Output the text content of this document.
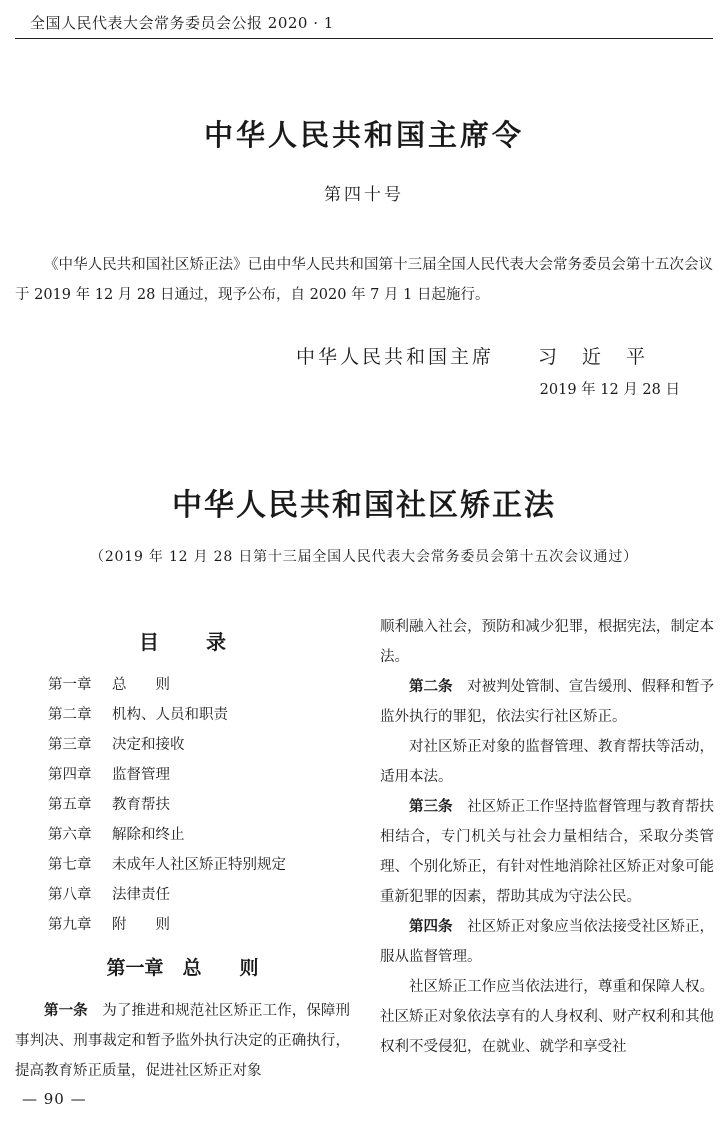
全国人民代表大会常务委员会公报 2020 · 1
中华人民共和国主席令
第四十号
《中华人民共和国社区矫正法》已由中华人民共和国第十三届全国人民代表大会常务委员会第十五次会议于 2019 年 12 月 28 日通过，现予公布，自 2020 年 7 月 1 日起施行。
中华人民共和国主席　　习　近　平
2019 年 12 月 28 日
中华人民共和国社区矫正法
（2019 年 12 月 28 日第十三届全国人民代表大会常务委员会第十五次会议通过）
目 录
第一章 总　　则
第二章 机构、人员和职责
第三章 决定和接收
第四章 监督管理
第五章 教育帮扶
第六章 解除和终止
第七章 未成年人社区矫正特别规定
第八章 法律责任
第九章 附　　则
第一章　总　　则

第一条　为了推进和规范社区矫正工作，保障刑事判决、刑事裁定和暂予监外执行决定的正确执行，提高教育矫正质量，促进社区矫正对象

顺利融入社会，预防和减少犯罪，根据宪法，制定本法。

第二条　对被判处管制、宣告缓刑、假释和暂予监外执行的罪犯，依法实行社区矫正。

对社区矫正对象的监督管理、教育帮扶等活动，适用本法。

第三条　社区矫正工作坚持监督管理与教育帮扶相结合，专门机关与社会力量相结合，采取分类管理、个别化矫正，有针对性地消除社区矫正对象可能重新犯罪的因素，帮助其成为守法公民。

第四条　社区矫正对象应当依法接受社区矫正，服从监督管理。

社区矫正工作应当依法进行，尊重和保障人权。社区矫正对象依法享有的人身权利、财产权利和其他权利不受侵犯，在就业、就学和享受社

— 90 —
